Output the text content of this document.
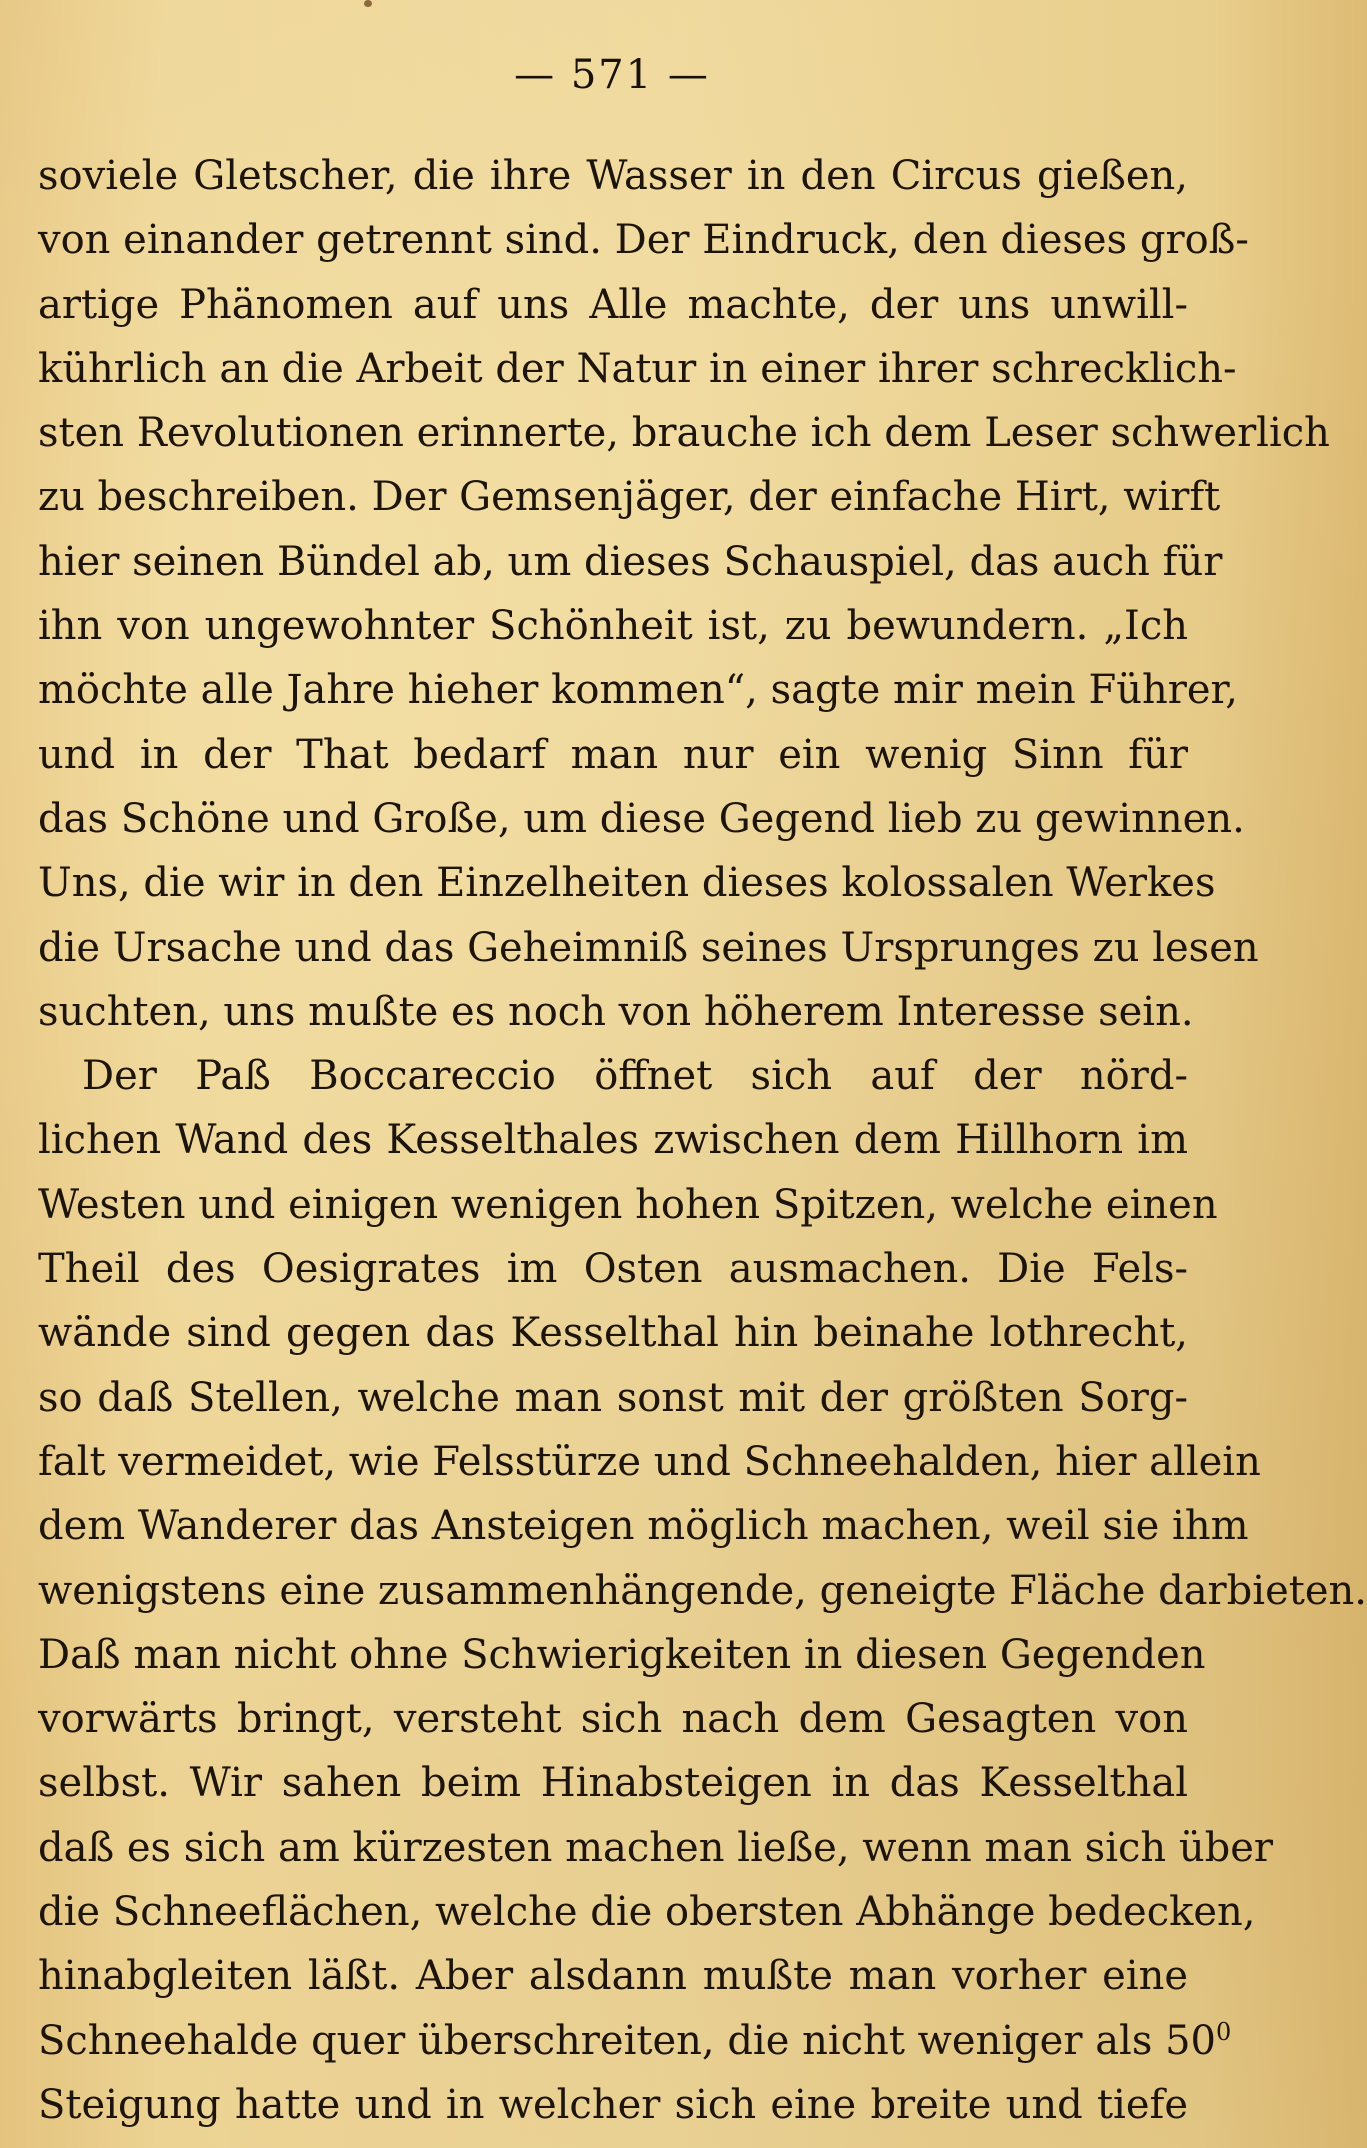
— 571 —
soviele Gletscher, die ihre Wasser in den Circus gießen,
von einander getrennt sind. Der Eindruck, den dieses groß-
artige Phänomen auf uns Alle machte, der uns unwill-
kührlich an die Arbeit der Natur in einer ihrer schrecklich-
sten Revolutionen erinnerte, brauche ich dem Leser schwerlich
zu beschreiben. Der Gemsenjäger, der einfache Hirt, wirft
hier seinen Bündel ab, um dieses Schauspiel, das auch für
ihn von ungewohnter Schönheit ist, zu bewundern. „Ich
möchte alle Jahre hieher kommen“, sagte mir mein Führer,
und in der That bedarf man nur ein wenig Sinn für
das Schöne und Große, um diese Gegend lieb zu gewinnen.
Uns, die wir in den Einzelheiten dieses kolossalen Werkes
die Ursache und das Geheimniß seines Ursprunges zu lesen
suchten, uns mußte es noch von höherem Interesse sein.
Der Paß Boccareccio öffnet sich auf der nörd-
lichen Wand des Kesselthales zwischen dem Hillhorn im
Westen und einigen wenigen hohen Spitzen, welche einen
Theil des Oesigrates im Osten ausmachen. Die Fels-
wände sind gegen das Kesselthal hin beinahe lothrecht,
so daß Stellen, welche man sonst mit der größten Sorg-
falt vermeidet, wie Felsstürze und Schneehalden, hier allein
dem Wanderer das Ansteigen möglich machen, weil sie ihm
wenigstens eine zusammenhängende, geneigte Fläche darbieten.
Daß man nicht ohne Schwierigkeiten in diesen Gegenden
vorwärts bringt, versteht sich nach dem Gesagten von
selbst. Wir sahen beim Hinabsteigen in das Kesselthal
daß es sich am kürzesten machen ließe, wenn man sich über
die Schneeflächen, welche die obersten Abhänge bedecken,
hinabgleiten läßt. Aber alsdann mußte man vorher eine
Schneehalde quer überschreiten, die nicht weniger als $50^0$
Steigung hatte und in welcher sich eine breite und tiefe
